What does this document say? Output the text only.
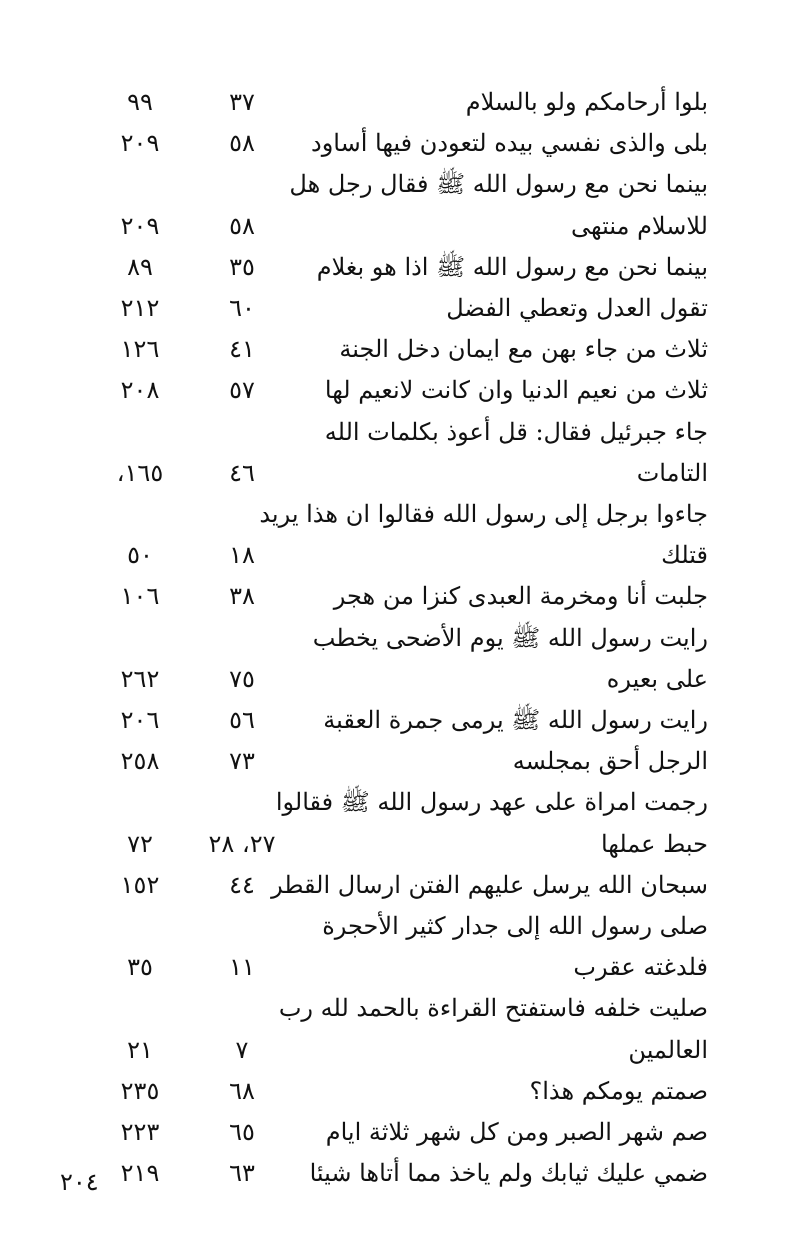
بلوا أرحامكم ولو بالسلام
٣٧
٩٩
بلى والذى نفسي بيده لتعودن فيها أساود
٥٨
٢٠٩
بينما نحن مع رسول الله ﷺ فقال رجل هل
للاسلام منتهى
٥٨
٢٠٩
بينما نحن مع رسول الله ﷺ اذا هو بغلام
٣٥
٨٩
تقول العدل وتعطي الفضل
٦٠
٢١٢
ثلاث من جاء بهن مع ايمان دخل الجنة
٤١
١٢٦
ثلاث من نعيم الدنيا وان كانت لانعيم لها
٥٧
٢٠٨
جاء جبرئيل فقال: قل أعوذ بكلمات الله
التامات
٤٦
١٦٥،
جاءوا برجل إلى رسول الله فقالوا ان هذا يريد
قتلك
١٨
٥٠
جلبت أنا ومخرمة العبدى كنزا من هجر
٣٨
١٠٦
رايت رسول الله ﷺ يوم الأضحى يخطب
على بعيره
٧٥
٢٦٢
رايت رسول الله ﷺ يرمى جمرة العقبة
٥٦
٢٠٦
الرجل أحق بمجلسه
٧٣
٢٥٨
رجمت امراة على عهد رسول الله ﷺ فقالوا
حبط عملها
٢٧، ٢٨
٧٢
سبحان الله يرسل عليهم الفتن ارسال القطر
٤٤
١٥٢
صلى رسول الله إلى جدار كثير الأحجرة
فلدغته عقرب
١١
٣٥
صليت خلفه فاستفتح القراءة بالحمد لله رب
العالمين
٧
٢١
صمتم يومكم هذا؟
٦٨
٢٣٥
صم شهر الصبر ومن كل شهر ثلاثة ايام
٦٥
٢٢٣
ضمي عليك ثيابك ولم ياخذ مما أتاها شيئا
٦٣
٢١٩
٢٠٤
